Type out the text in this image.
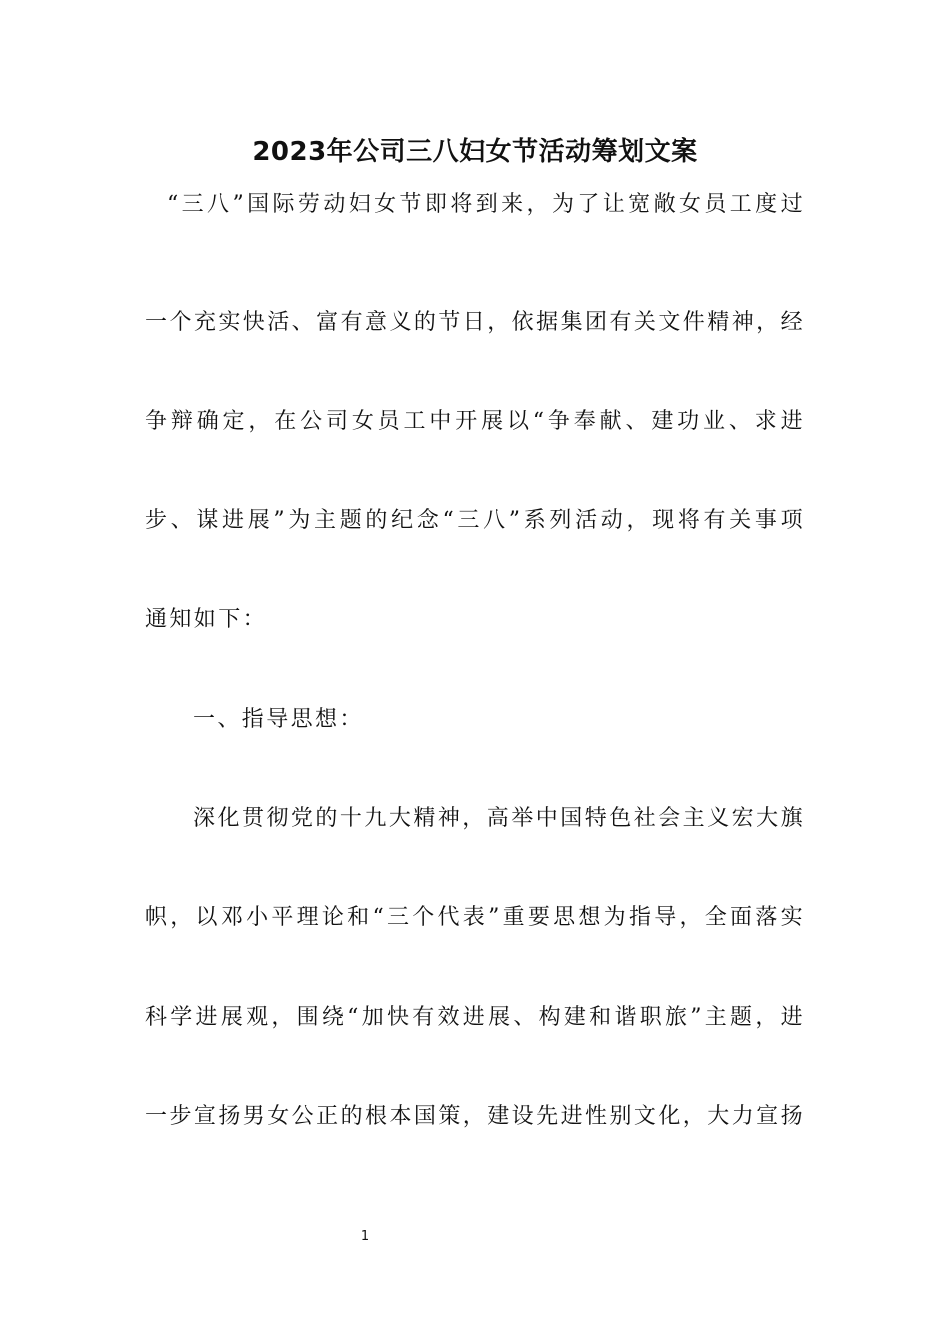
2023年公司三八妇女节活动筹划文案
“三八”国际劳动妇女节即将到来，为了让宽敞女员工度过
一个充实快活、富有意义的节日，依据集团有关文件精神，经
争辩确定，在公司女员工中开展以“争奉献、建功业、求进
步、谋进展”为主题的纪念“三八”系列活动，现将有关事项
通知如下：
一、指导思想：
深化贯彻党的十九大精神，高举中国特色社会主义宏大旗
帜，以邓小平理论和“三个代表”重要思想为指导，全面落实
科学进展观，围绕“加快有效进展、构建和谐职旅”主题，进
一步宣扬男女公正的根本国策，建设先进性别文化，大力宣扬
1
